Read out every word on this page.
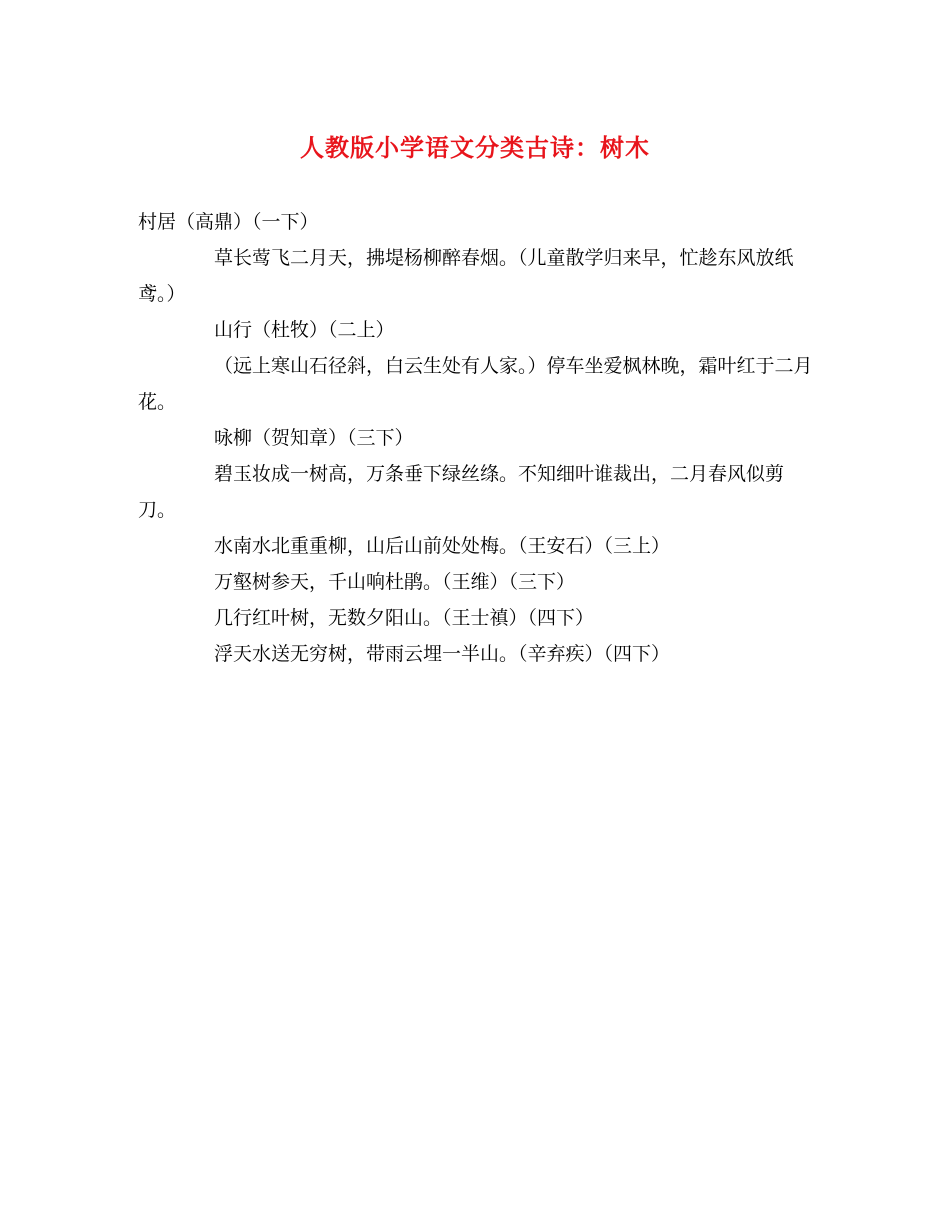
人教版小学语文分类古诗：树木

村居（高鼎）（一下）

草长莺飞二月天，拂堤杨柳醉春烟。（儿童散学归来早，忙趁东风放纸鸢。）

山行（杜牧）（二上）

（远上寒山石径斜，白云生处有人家。）停车坐爱枫林晚，霜叶红于二月花。

咏柳（贺知章）（三下）

碧玉妆成一树高，万条垂下绿丝绦。不知细叶谁裁出，二月春风似剪刀。

水南水北重重柳，山后山前处处梅。（王安石）（三上）

万壑树参天，千山响杜鹃。（王维）（三下）

几行红叶树，无数夕阳山。（王士禛）（四下）

浮天水送无穷树，带雨云埋一半山。（辛弃疾）（四下）
